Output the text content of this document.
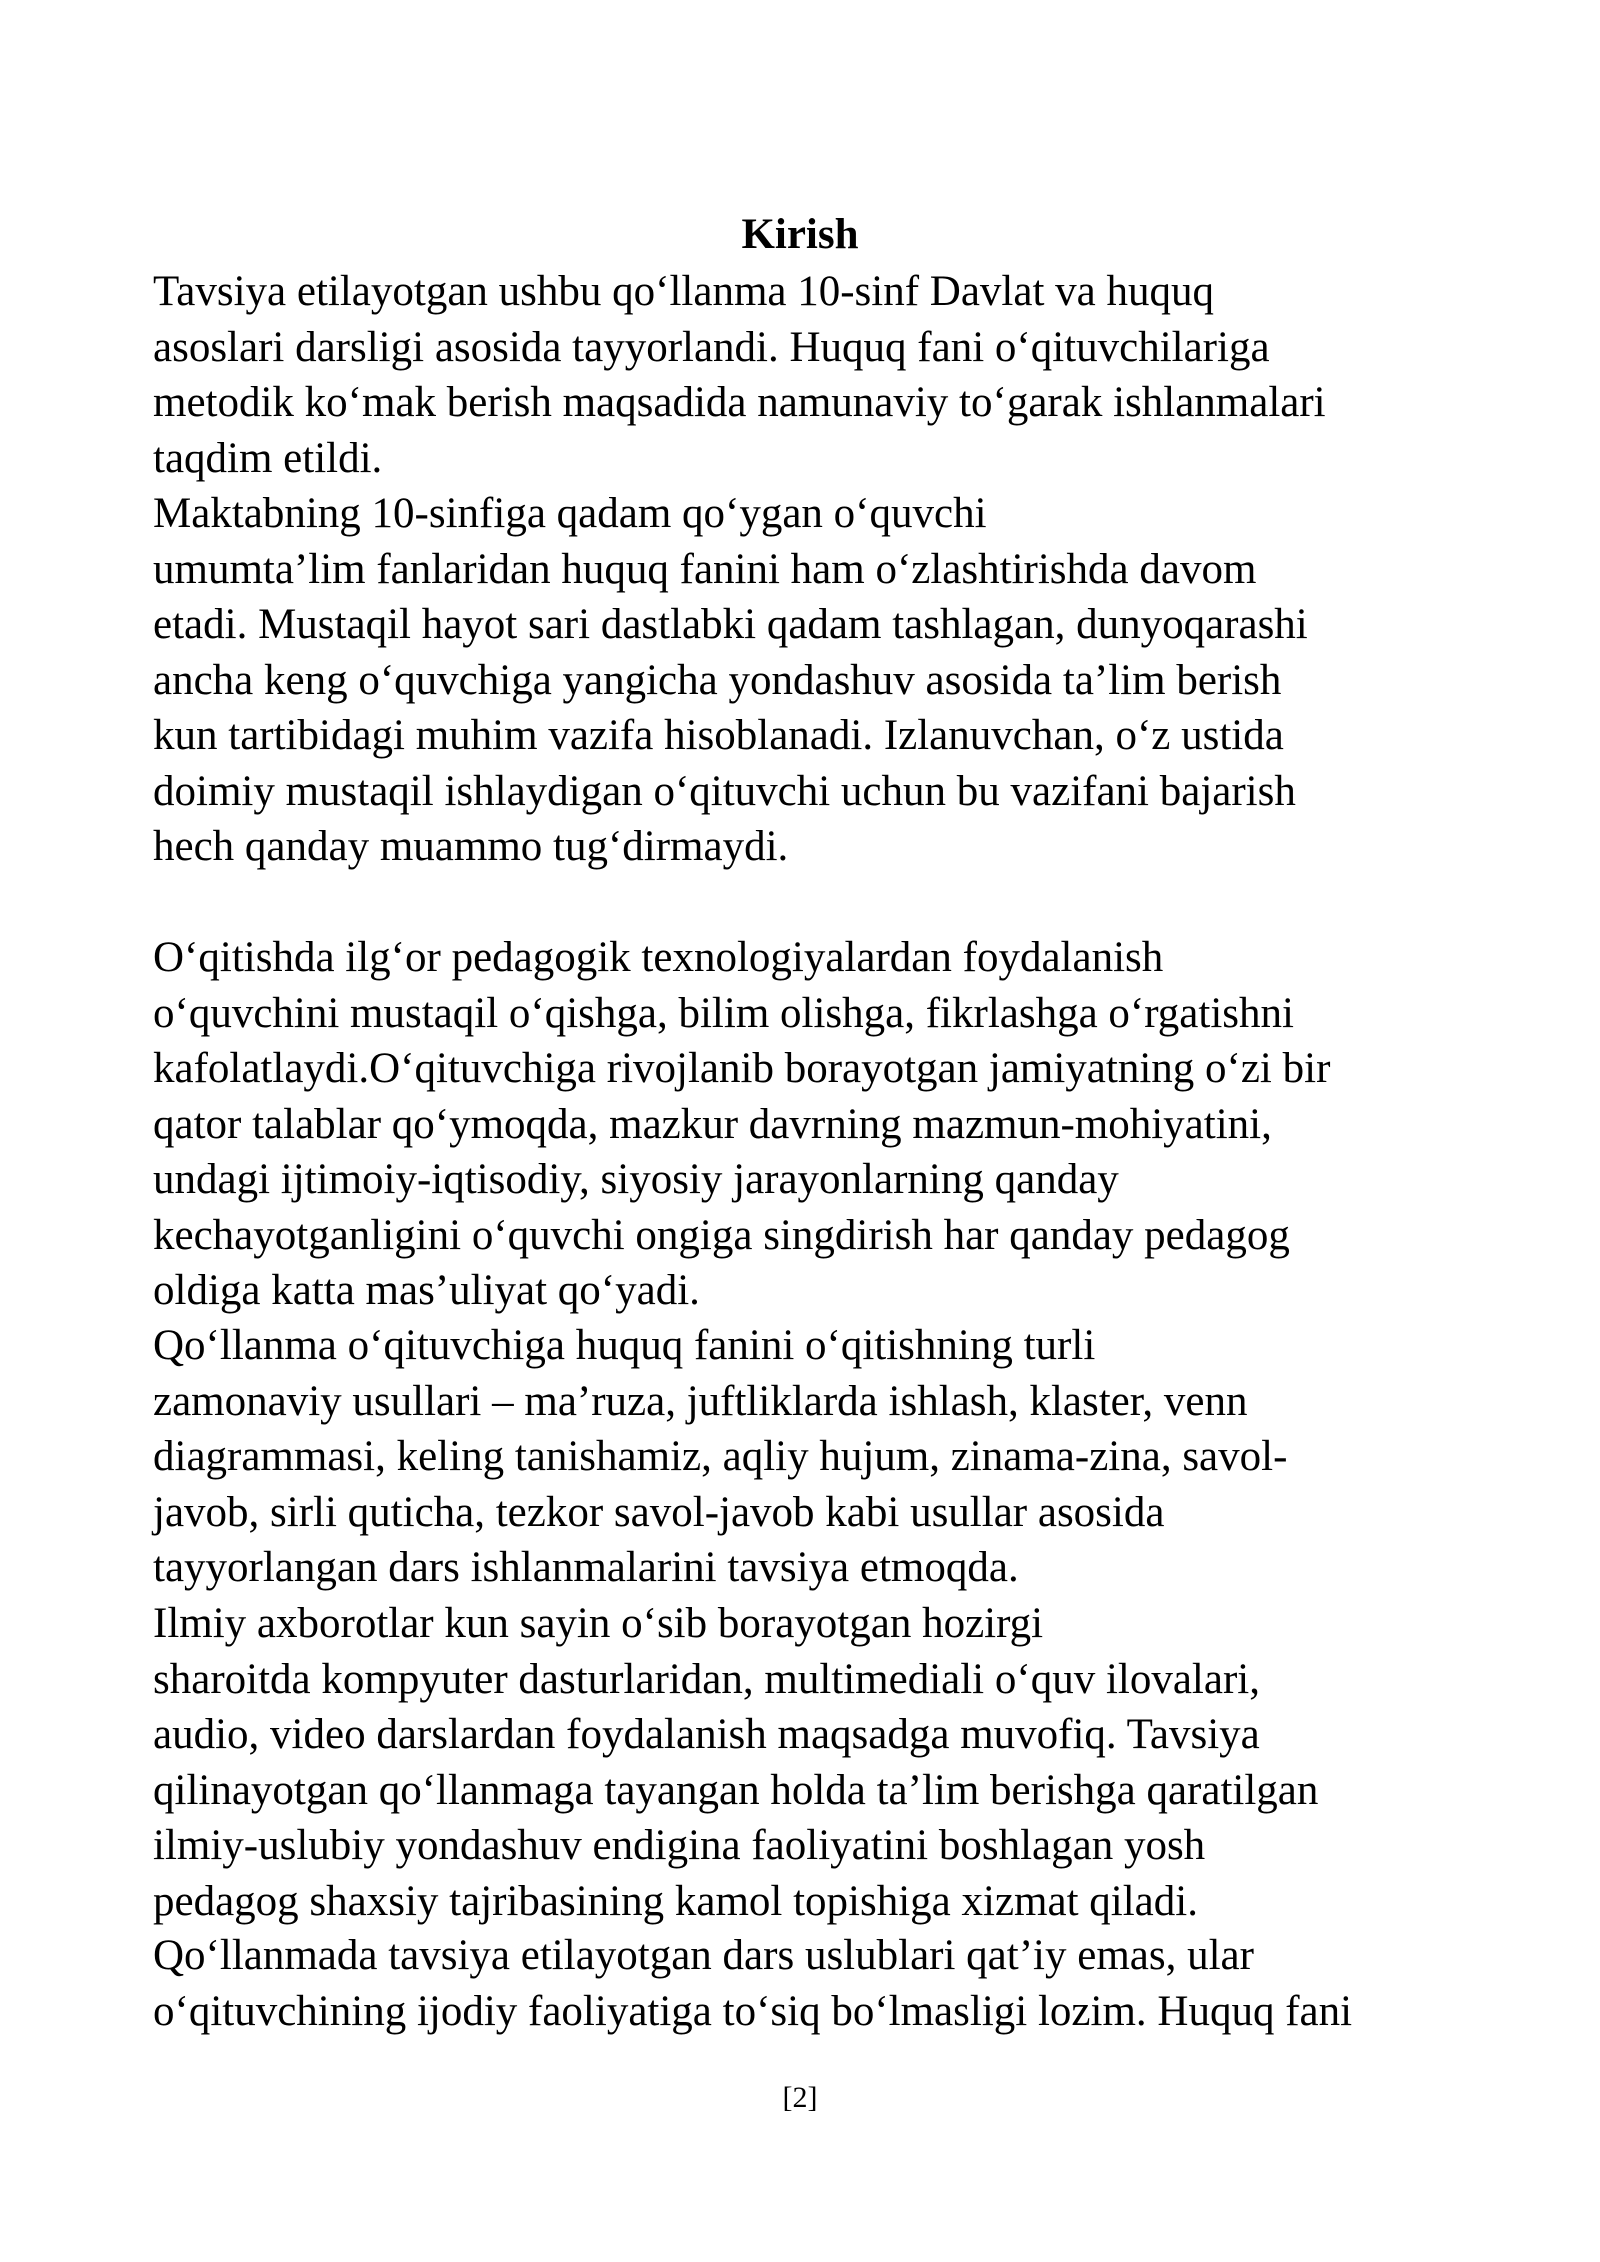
Kirish

Tavsiya etilayotgan ushbu qo‘llanma 10-sinf Davlat va huquq
asoslari darsligi asosida tayyorlandi. Huquq fani o‘qituvchilariga
metodik ko‘mak berish maqsadida namunaviy to‘garak ishlanmalari
taqdim etildi.

Maktabning 10-sinfiga qadam qo‘ygan o‘quvchi
umumta’lim fanlaridan huquq fanini ham o‘zlashtirishda davom
etadi. Mustaqil hayot sari dastlabki qadam tashlagan, dunyoqarashi
ancha keng o‘quvchiga yangicha yondashuv asosida ta’lim berish
kun tartibidagi muhim vazifa hisoblanadi. Izlanuvchan, o‘z ustida
doimiy mustaqil ishlaydigan o‘qituvchi uchun bu vazifani bajarish
hech qanday muammo tug‘dirmaydi.

O‘qitishda ilg‘or pedagogik texnologiyalardan foydalanish
o‘quvchini mustaqil o‘qishga, bilim olishga, fikrlashga o‘rgatishni
kafolatlaydi.O‘qituvchiga rivojlanib borayotgan jamiyatning o‘zi bir
qator talablar qo‘ymoqda, mazkur davrning mazmun-mohiyatini,
undagi ijtimoiy-iqtisodiy, siyosiy jarayonlarning qanday
kechayotganligini o‘quvchi ongiga singdirish har qanday pedagog
oldiga katta mas’uliyat qo‘yadi.

Qo‘llanma o‘qituvchiga huquq fanini o‘qitishning turli
zamonaviy usullari – ma’ruza, juftliklarda ishlash, klaster, venn
diagrammasi, keling tanishamiz, aqliy hujum, zinama-zina, savol-
javob, sirli quticha, tezkor savol-javob kabi usullar asosida
tayyorlangan dars ishlanmalarini tavsiya etmoqda.

Ilmiy axborotlar kun sayin o‘sib borayotgan hozirgi
sharoitda kompyuter dasturlaridan, multimediali o‘quv ilovalari,
audio, video darslardan foydalanish maqsadga muvofiq. Tavsiya
qilinayotgan qo‘llanmaga tayangan holda ta’lim berishga qaratilgan
ilmiy-uslubiy yondashuv endigina faoliyatini boshlagan yosh
pedagog shaxsiy tajribasining kamol topishiga xizmat qiladi.

Qo‘llanmada tavsiya etilayotgan dars uslublari qat’iy emas, ular
o‘qituvchining ijodiy faoliyatiga to‘siq bo‘lmasligi lozim. Huquq fani

[2]
